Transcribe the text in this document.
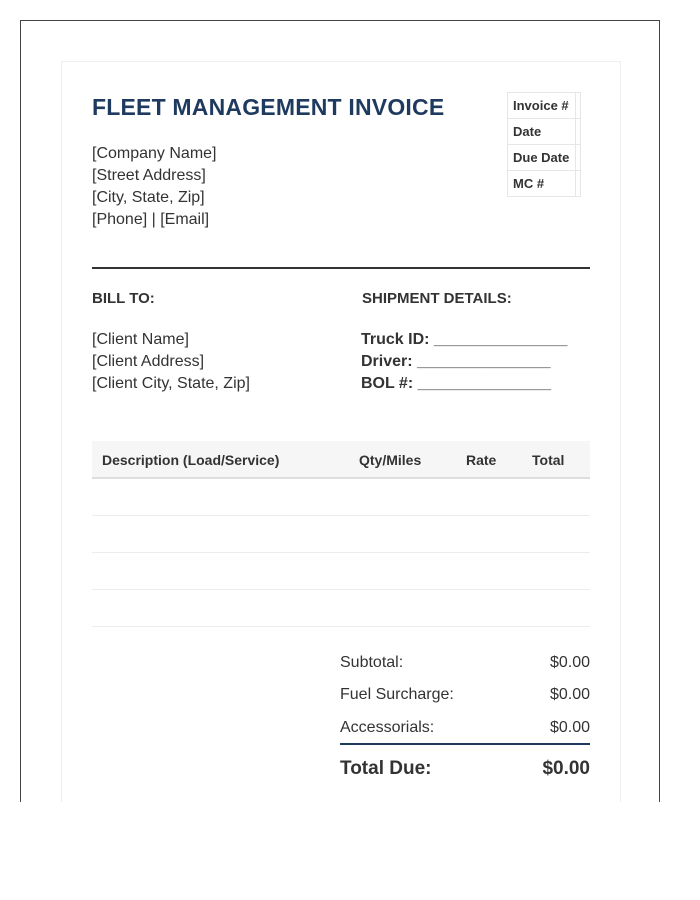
FLEET MANAGEMENT INVOICE
[Company Name]
[Street Address]
[City, State, Zip]
[Phone] | [Email]
Invoice #	
Date	
Due Date	
MC #	
BILL TO:	SHIPMENT DETAILS:
[Client Name]
[Client Address]
[Client City, State, Zip]
Truck ID: _______________
Driver: _______________
BOL #: _______________
Description (Load/Service)	Qty/Miles	Rate	Total
Subtotal:	$0.00
Fuel Surcharge:	$0.00
Accessorials:	$0.00
Total Due:	$0.00
